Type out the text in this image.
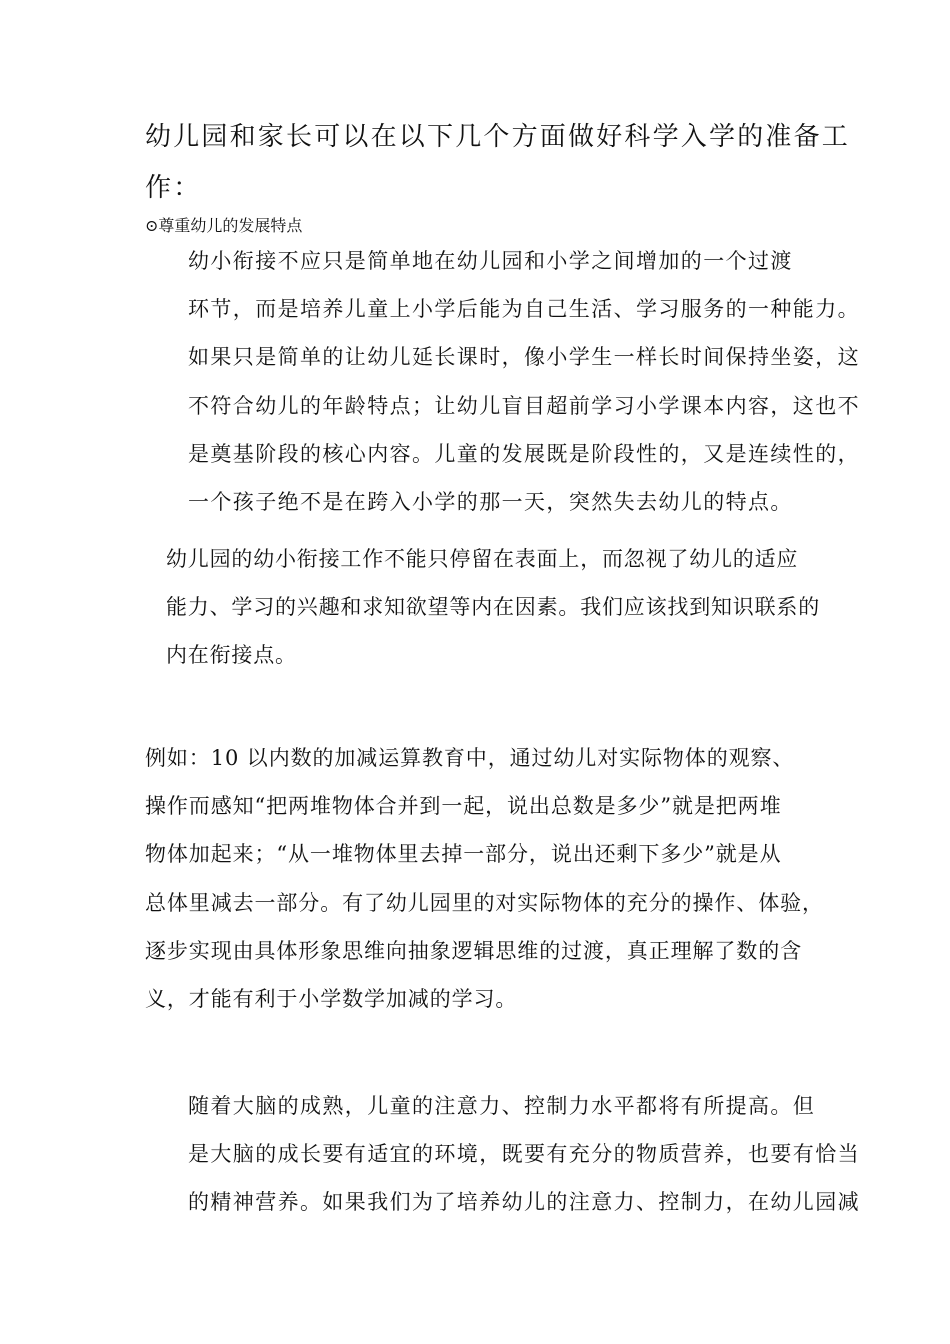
幼儿园和家长可以在以下几个方面做好科学入学的准备工
作：
⊙尊重幼儿的发展特点

幼小衔接不应只是简单地在幼儿园和小学之间增加的一个过渡
环节，而是培养儿童上小学后能为自己生活、学习服务的一种能力。
如果只是简单的让幼儿延长课时，像小学生一样长时间保持坐姿，这
不符合幼儿的年龄特点；让幼儿盲目超前学习小学课本内容，这也不
是奠基阶段的核心内容。儿童的发展既是阶段性的，又是连续性的，
一个孩子绝不是在跨入小学的那一天，突然失去幼儿的特点。

幼儿园的幼小衔接工作不能只停留在表面上，而忽视了幼儿的适应
能力、学习的兴趣和求知欲望等内在因素。我们应该找到知识联系的
内在衔接点。

例如：10 以内数的加减运算教育中，通过幼儿对实际物体的观察、
操作而感知“把两堆物体合并到一起，说出总数是多少”就是把两堆
物体加起来；“从一堆物体里去掉一部分，说出还剩下多少”就是从
总体里减去一部分。有了幼儿园里的对实际物体的充分的操作、体验，
逐步实现由具体形象思维向抽象逻辑思维的过渡，真正理解了数的含
义，才能有利于小学数学加减的学习。

随着大脑的成熟，儿童的注意力、控制力水平都将有所提高。但
是大脑的成长要有适宜的环境，既要有充分的物质营养，也要有恰当
的精神营养。如果我们为了培养幼儿的注意力、控制力，在幼儿园减
